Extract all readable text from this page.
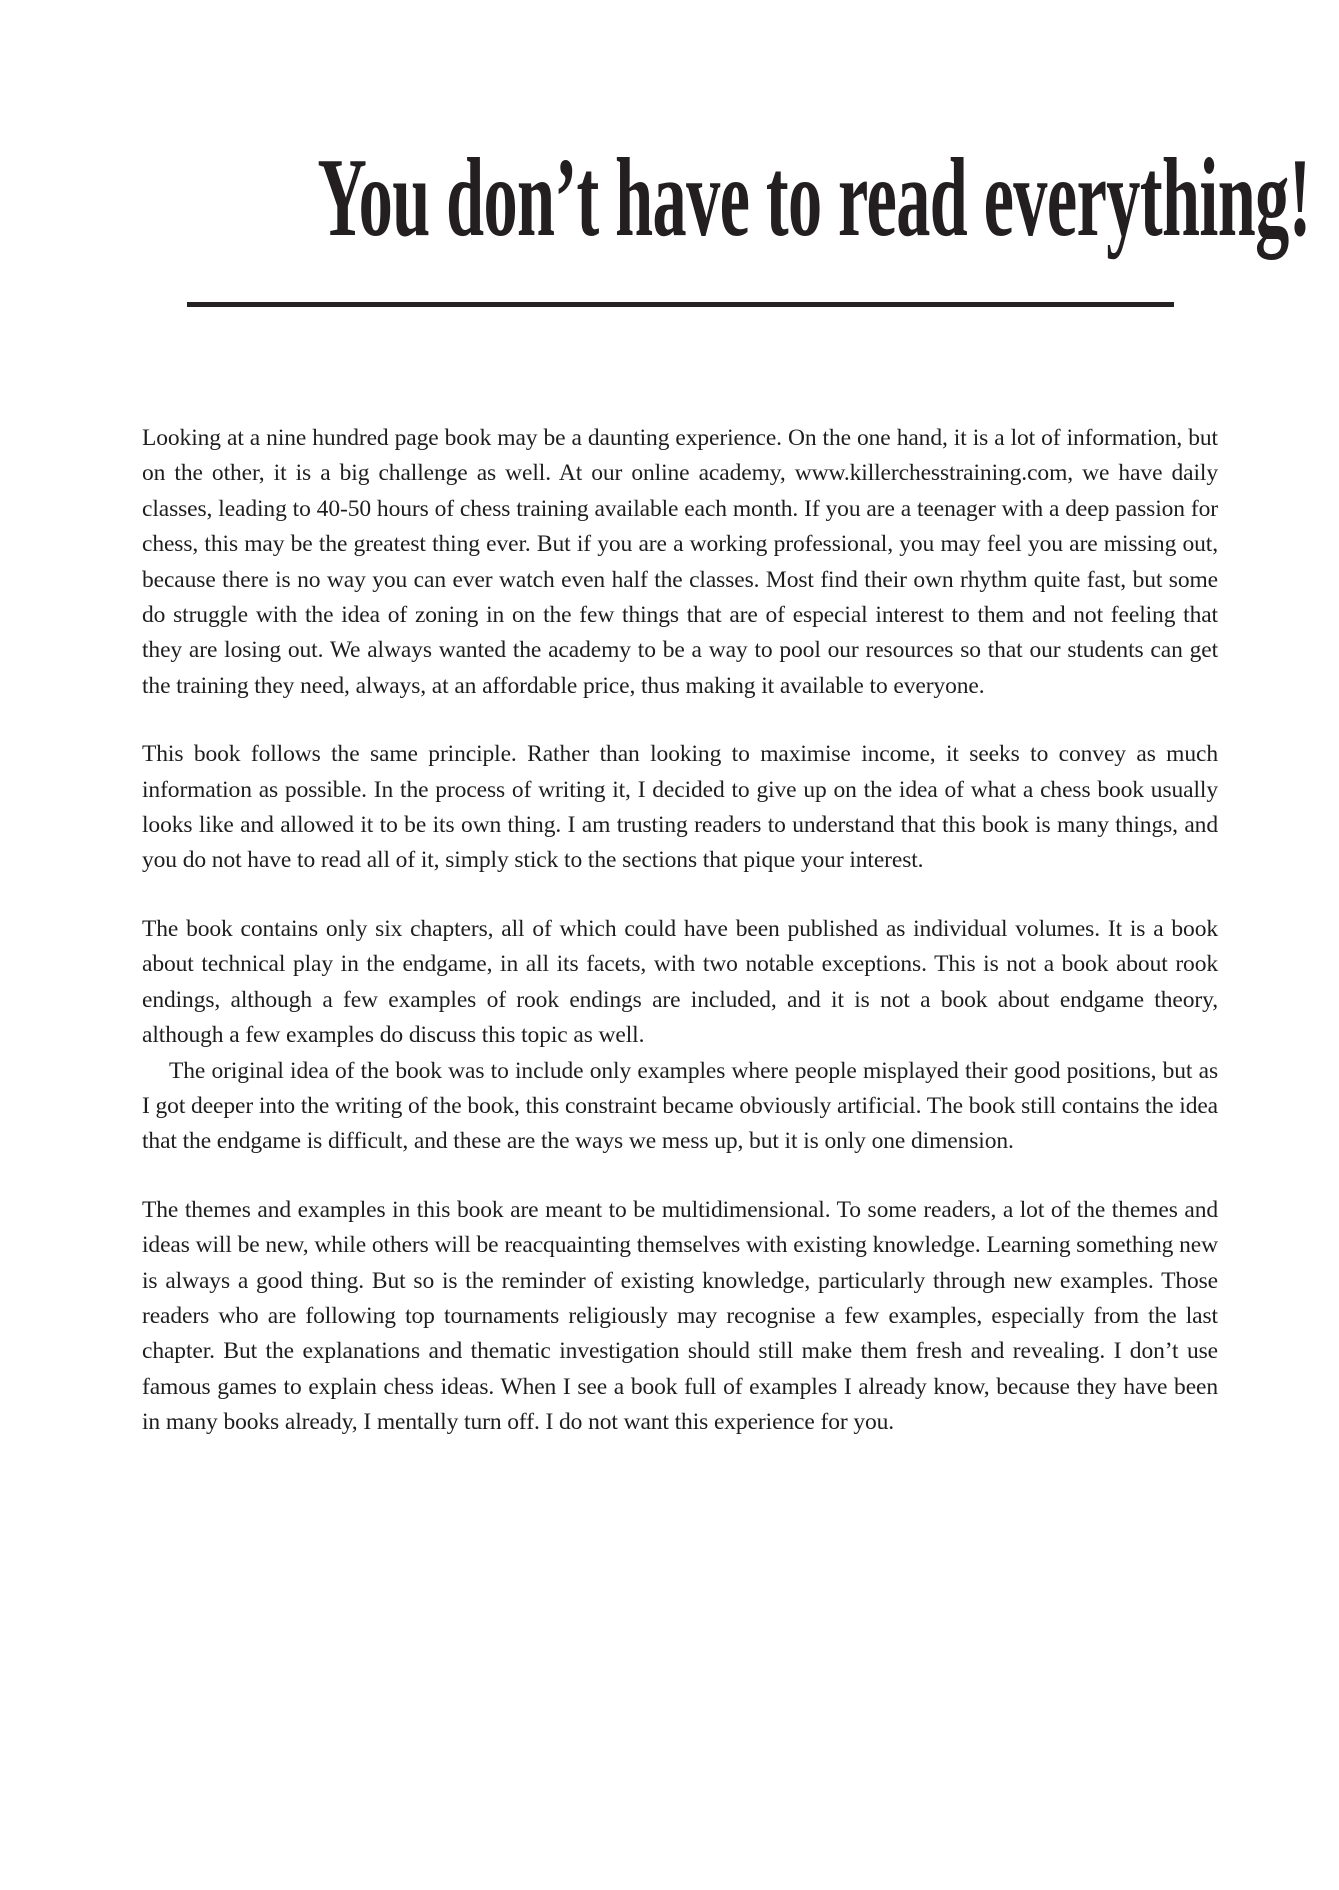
You don’t have to read everything!

Looking at a nine hundred page book may be a daunting experience. On the one hand, it is a lot of information, but on the other, it is a big challenge as well. At our online academy, www.killerchesstraining.com, we have daily classes, leading to 40-50 hours of chess training available each month. If you are a teenager with a deep passion for chess, this may be the greatest thing ever. But if you are a working professional, you may feel you are missing out, because there is no way you can ever watch even half the classes. Most find their own rhythm quite fast, but some do struggle with the idea of zoning in on the few things that are of especial interest to them and not feeling that they are losing out. We always wanted the academy to be a way to pool our resources so that our students can get the training they need, always, at an affordable price, thus making it available to everyone.

This book follows the same principle. Rather than looking to maximise income, it seeks to convey as much information as possible. In the process of writing it, I decided to give up on the idea of what a chess book usually looks like and allowed it to be its own thing. I am trusting readers to understand that this book is many things, and you do not have to read all of it, simply stick to the sections that pique your interest.

The book contains only six chapters, all of which could have been published as individual volumes. It is a book about technical play in the endgame, in all its facets, with two notable exceptions. This is not a book about rook endings, although a few examples of rook endings are included, and it is not a book about endgame theory, although a few examples do discuss this topic as well.

The original idea of the book was to include only examples where people misplayed their good positions, but as I got deeper into the writing of the book, this constraint became obviously artificial. The book still contains the idea that the endgame is difficult, and these are the ways we mess up, but it is only one dimension.

The themes and examples in this book are meant to be multidimensional. To some readers, a lot of the themes and ideas will be new, while others will be reacquainting themselves with existing knowledge. Learning something new is always a good thing. But so is the reminder of existing knowledge, particularly through new examples. Those readers who are following top tournaments religiously may recognise a few examples, especially from the last chapter. But the explanations and thematic investigation should still make them fresh and revealing. I don’t use famous games to explain chess ideas. When I see a book full of examples I already know, because they have been in many books already, I mentally turn off. I do not want this experience for you.
